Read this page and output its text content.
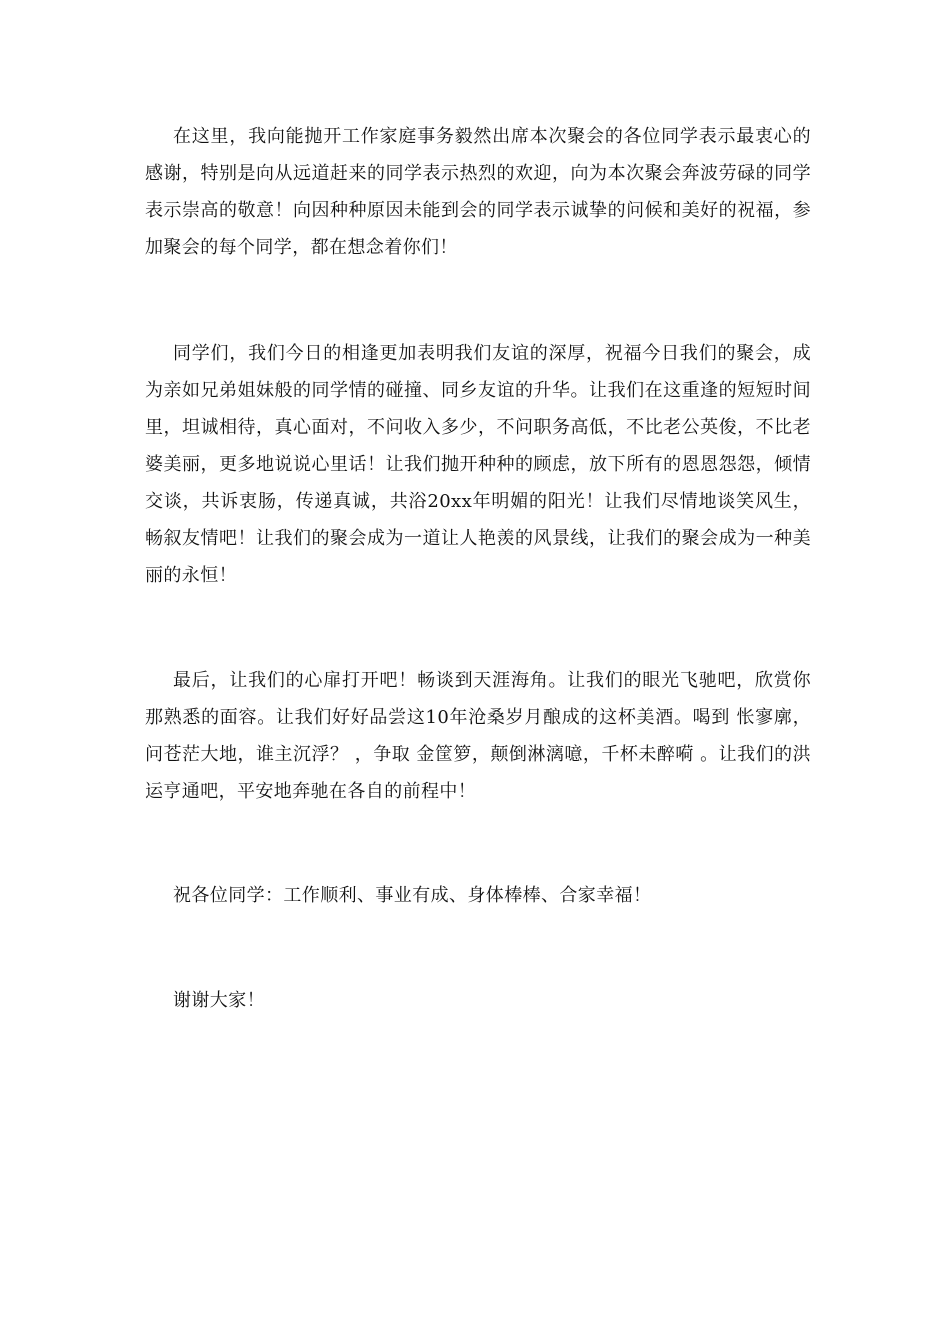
在这里，我向能抛开工作家庭事务毅然出席本次聚会的各位同学表示最衷心的感谢，特别是向从远道赶来的同学表示热烈的欢迎，向为本次聚会奔波劳碌的同学表示崇高的敬意！向因种种原因未能到会的同学表示诚挚的问候和美好的祝福，参加聚会的每个同学，都在想念着你们！

同学们，我们今日的相逢更加表明我们友谊的深厚，祝福今日我们的聚会，成为亲如兄弟姐妹般的同学情的碰撞、同乡友谊的升华。让我们在这重逢的短短时间里，坦诚相待，真心面对，不问收入多少，不问职务高低，不比老公英俊，不比老婆美丽，更多地说说心里话！让我们抛开种种的顾虑，放下所有的恩恩怨怨，倾情交谈，共诉衷肠，传递真诚，共浴20xx年明媚的阳光！让我们尽情地谈笑风生，畅叙友情吧！让我们的聚会成为一道让人艳羡的风景线，让我们的聚会成为一种美丽的永恒！

最后，让我们的心扉打开吧！畅谈到天涯海角。让我们的眼光飞驰吧，欣赏你那熟悉的面容。让我们好好品尝这10年沧桑岁月酿成的这杯美酒。喝到 怅寥廓，问苍茫大地，谁主沉浮？ ，争取 金筐箩，颠倒淋漓噫，千杯未醉嗬 。让我们的洪运亨通吧，平安地奔驰在各自的前程中！

祝各位同学：工作顺利、事业有成、身体棒棒、合家幸福！

谢谢大家！
